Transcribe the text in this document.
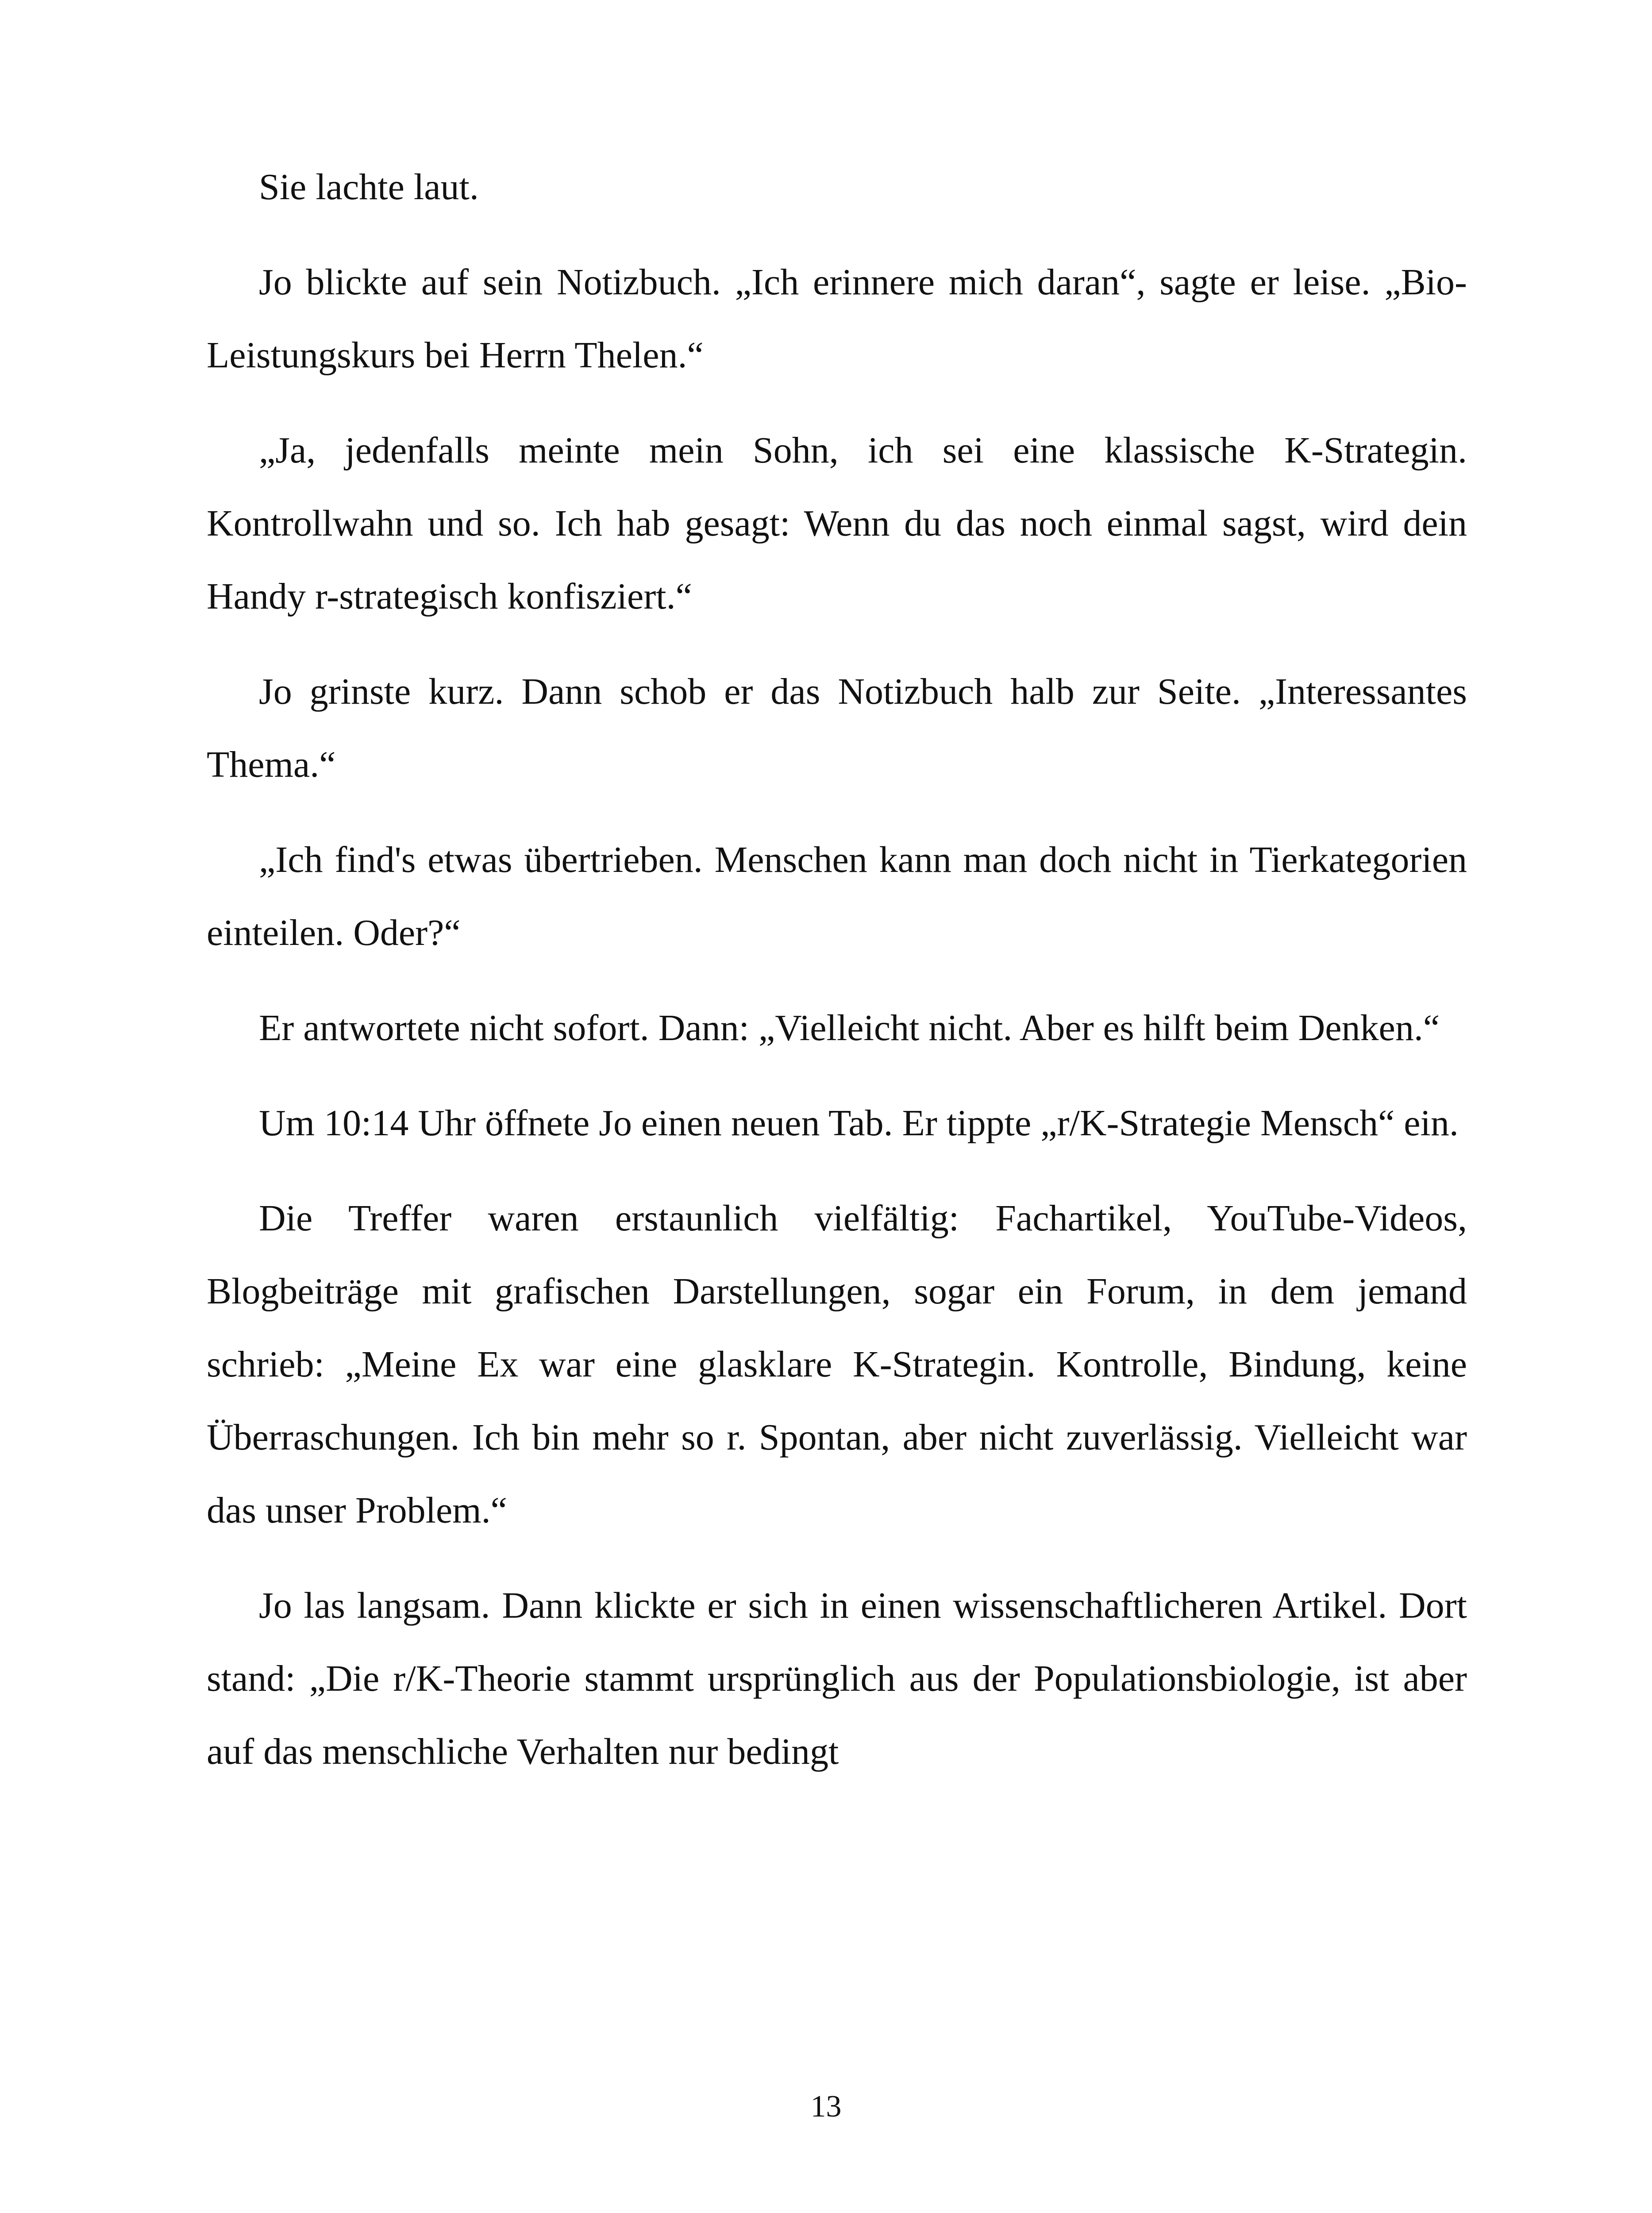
Sie lachte laut.

Jo blickte auf sein Notizbuch. „Ich erinnere mich daran“, sagte er leise. „Bio-Leistungskurs bei Herrn Thelen.“

„Ja, jedenfalls meinte mein Sohn, ich sei eine klassische K-Strategin. Kontrollwahn und so. Ich hab gesagt: Wenn du das noch einmal sagst, wird dein Handy r-strategisch konfisziert.“

Jo grinste kurz. Dann schob er das Notizbuch halb zur Seite. „Interessantes Thema.“

„Ich find's etwas übertrieben. Menschen kann man doch nicht in Tierkategorien einteilen. Oder?“

Er antwortete nicht sofort. Dann: „Vielleicht nicht. Aber es hilft beim Denken.“

Um 10:14 Uhr öffnete Jo einen neuen Tab. Er tippte „r/K-Strategie Mensch“ ein.

Die Treffer waren erstaunlich vielfältig: Fachartikel, YouTube-Videos, Blogbeiträge mit grafischen Darstellungen, sogar ein Forum, in dem jemand schrieb: „Meine Ex war eine glasklare K-Strategin. Kontrolle, Bindung, keine Überraschungen. Ich bin mehr so r. Spontan, aber nicht zuverlässig. Vielleicht war das unser Problem.“

Jo las langsam. Dann klickte er sich in einen wissenschaftlicheren Artikel. Dort stand: „Die r/K-Theorie stammt ursprünglich aus der Populationsbiologie, ist aber auf das menschliche Verhalten nur bedingt

13
